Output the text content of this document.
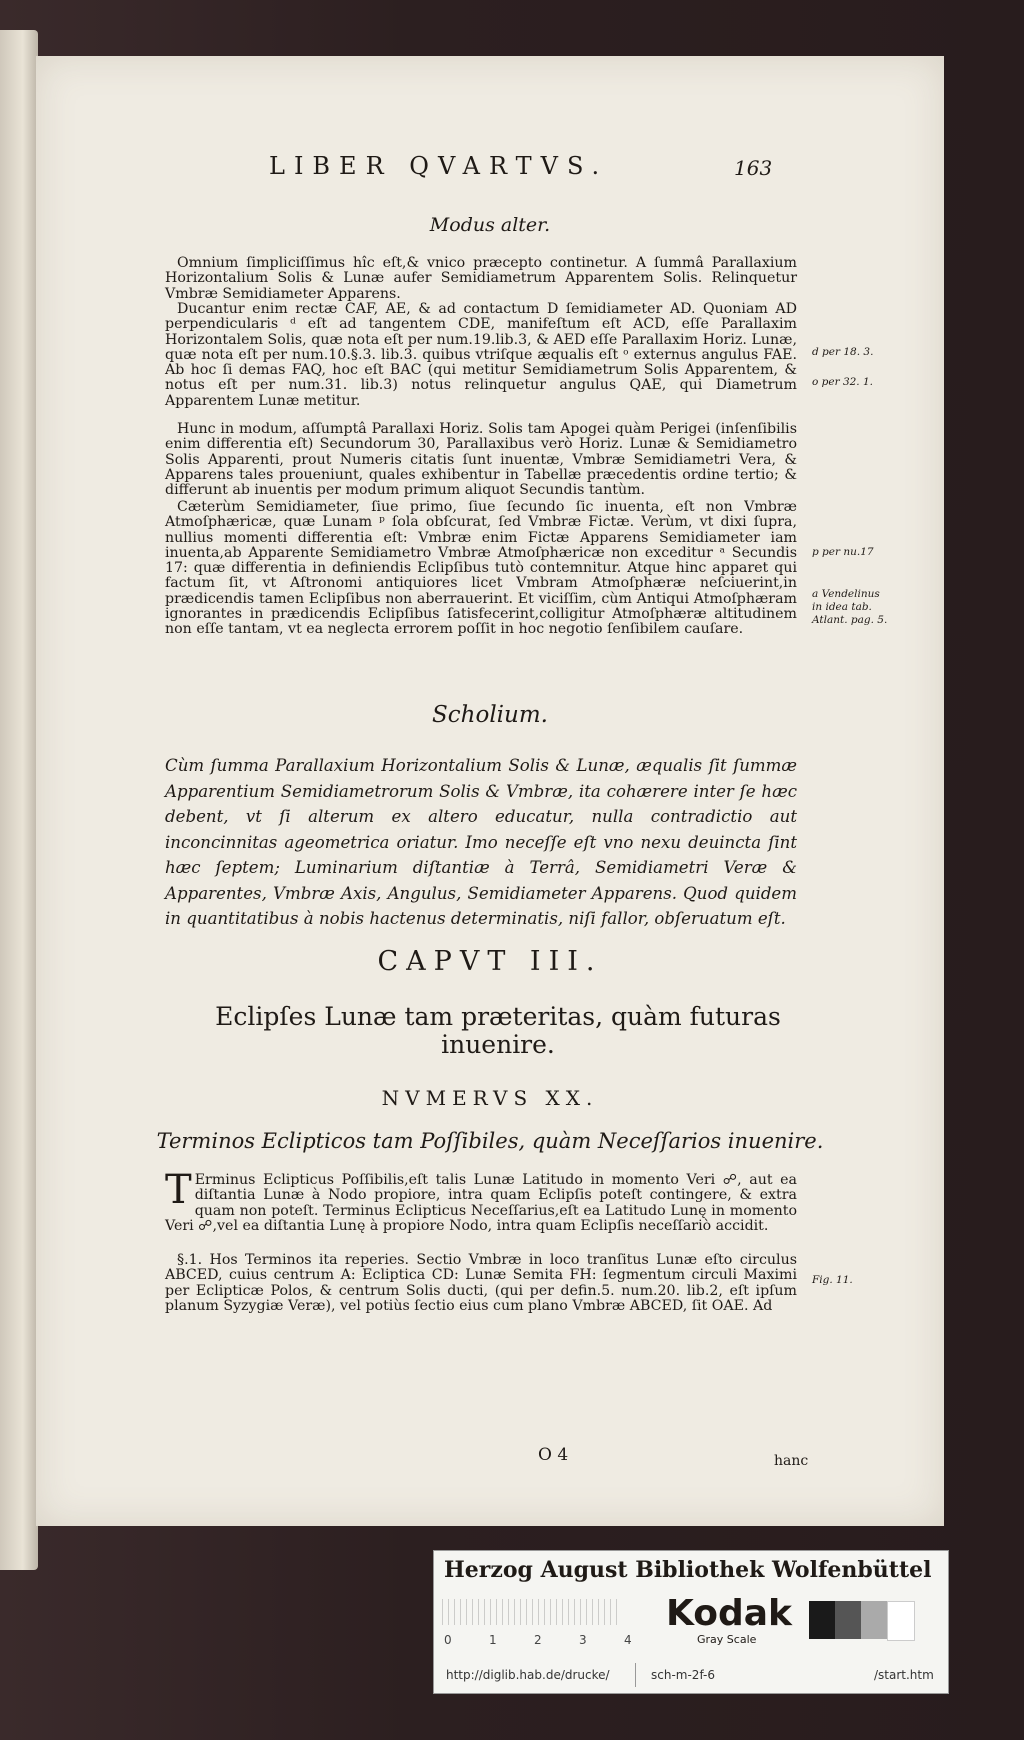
LIBER QVARTVS.	163
Modus alter.

Omnium ſimpliciſſimus hîc eſt,& vnico præcepto continetur. A ſummâ Parallaxium Horizontalium Solis & Lunæ aufer Semidiametrum Apparentem Solis. Relinquetur Vmbræ Semidiameter Apparens.

Ducantur enim rectæ CAF, AE, & ad contactum D ſemidiameter AD. Quoniam AD perpendicularis ᵈ eſt ad tangentem CDE, manifeſtum eſt ACD, eſſe Parallaxim Horizontalem Solis, quæ nota eſt per num.19.lib.3, & AED eſſe Parallaxim Horiz. Lunæ, quæ nota eſt per num.10.§.3. lib.3. quibus vtriſque æqualis eſt ᵒ externus angulus FAE. Ab hoc ſi demas FAQ, hoc eſt BAC (qui metitur Semidiametrum Solis Apparentem, & notus eſt per num.31. lib.3) notus relinquetur angulus QAE, qui Diametrum Apparentem Lunæ metitur.

Hunc in modum, aſſumptâ Parallaxi Horiz. Solis tam Apogei quàm Perigei (inſenſibilis enim differentia eſt) Secundorum 30, Parallaxibus verò Horiz. Lunæ & Semidiametro Solis Apparenti, prout Numeris citatis ſunt inuentæ, Vmbræ Semidiametri Vera, & Apparens tales proueniunt, quales exhibentur in Tabellæ præcedentis ordine tertio; & differunt ab inuentis per modum primum aliquot Secundis tantùm.

Cæterùm Semidiameter, ſiue primo, ſiue ſecundo ſic inuenta, eſt non Vmbræ Atmoſphæricæ, quæ Lunam ᵖ ſola obſcurat, ſed Vmbræ Fictæ. Verùm, vt dixi ſupra, nullius momenti differentia eſt: Vmbræ enim Fictæ Apparens Semidiameter iam inuenta,ab Apparente Semidiametro Vmbræ Atmoſphæricæ non exceditur ᵃ Secundis 17: quæ differentia in definiendis Eclipſibus tutò contemnitur. Atque hinc apparet qui factum ſit, vt Aſtronomi antiquiores licet Vmbram Atmoſphæræ neſciuerint,in prædicendis tamen Eclipſibus non aberrauerint. Et viciſſim, cùm Antiqui Atmoſphæram ignorantes in prædicendis Eclipſibus ſatisfecerint,colligitur Atmoſphæræ altitudinem non eſſe tantam, vt ea neglecta errorem poſſit in hoc negotio ſenſibilem cauſare.

d per 18. 3.
o per 32. 1.
p per nu.17
a Vendelinus in idea tab. Atlant. pag. 5.
Scholium.
Cùm ſumma Parallaxium Horizontalium Solis & Lunæ, æqualis ſit ſummæ Apparentium Semidiametrorum Solis & Vmbræ, ita cohærere inter ſe hæc debent, vt ſi alterum ex altero educatur, nulla contradictio aut inconcinnitas ageometrica oriatur. Imo neceſſe eſt vno nexu deuincta ſint hæc ſeptem; Luminarium diſtantiæ à Terrâ, Semidiametri Veræ & Apparentes, Vmbræ Axis, Angulus, Semidiameter Apparens. Quod quidem in quantitatibus à nobis hactenus determinatis, niſi fallor, obſeruatum eſt.
CAPVT III.
Eclipſes Lunæ tam præteritas, quàm futuras inuenire.
NVMERVS XX.
Terminos Eclipticos tam Poſſibiles, quàm Neceſſarios inuenire.

T Erminus Eclipticus Poſſibilis,eſt talis Lunæ Latitudo in momento Veri ☍, aut ea diſtantia Lunæ à Nodo propiore, intra quam Eclipſis poteſt contingere, & extra quam non poteſt. Terminus Eclipticus Neceſſarius,eſt ea Latitudo Lunę in momento Veri ☍,vel ea diſtantia Lunę à propiore Nodo, intra quam Eclipſis neceſſariò accidit.

§.1. Hos Terminos ita reperies. Sectio Vmbræ in loco tranſitus Lunæ eſto circulus ABCED, cuius centrum A: Ecliptica CD: Lunæ Semita FH: ſegmentum circuli Maximi per Eclipticæ Polos, & centrum Solis ducti, (qui per defin.5. num.20. lib.2, eſt ipſum planum Syzygiæ Veræ), vel potiùs ſectio eius cum plano Vmbræ ABCED, ſit OAE. Ad

Fig. 11.
O 4	hanc
Herzog August Bibliothek Wolfenbüttel
0	1	2	3	4
Kodak
Gray Scale
http://diglib.hab.de/drucke/	sch-m-2f-6	/start.htm
